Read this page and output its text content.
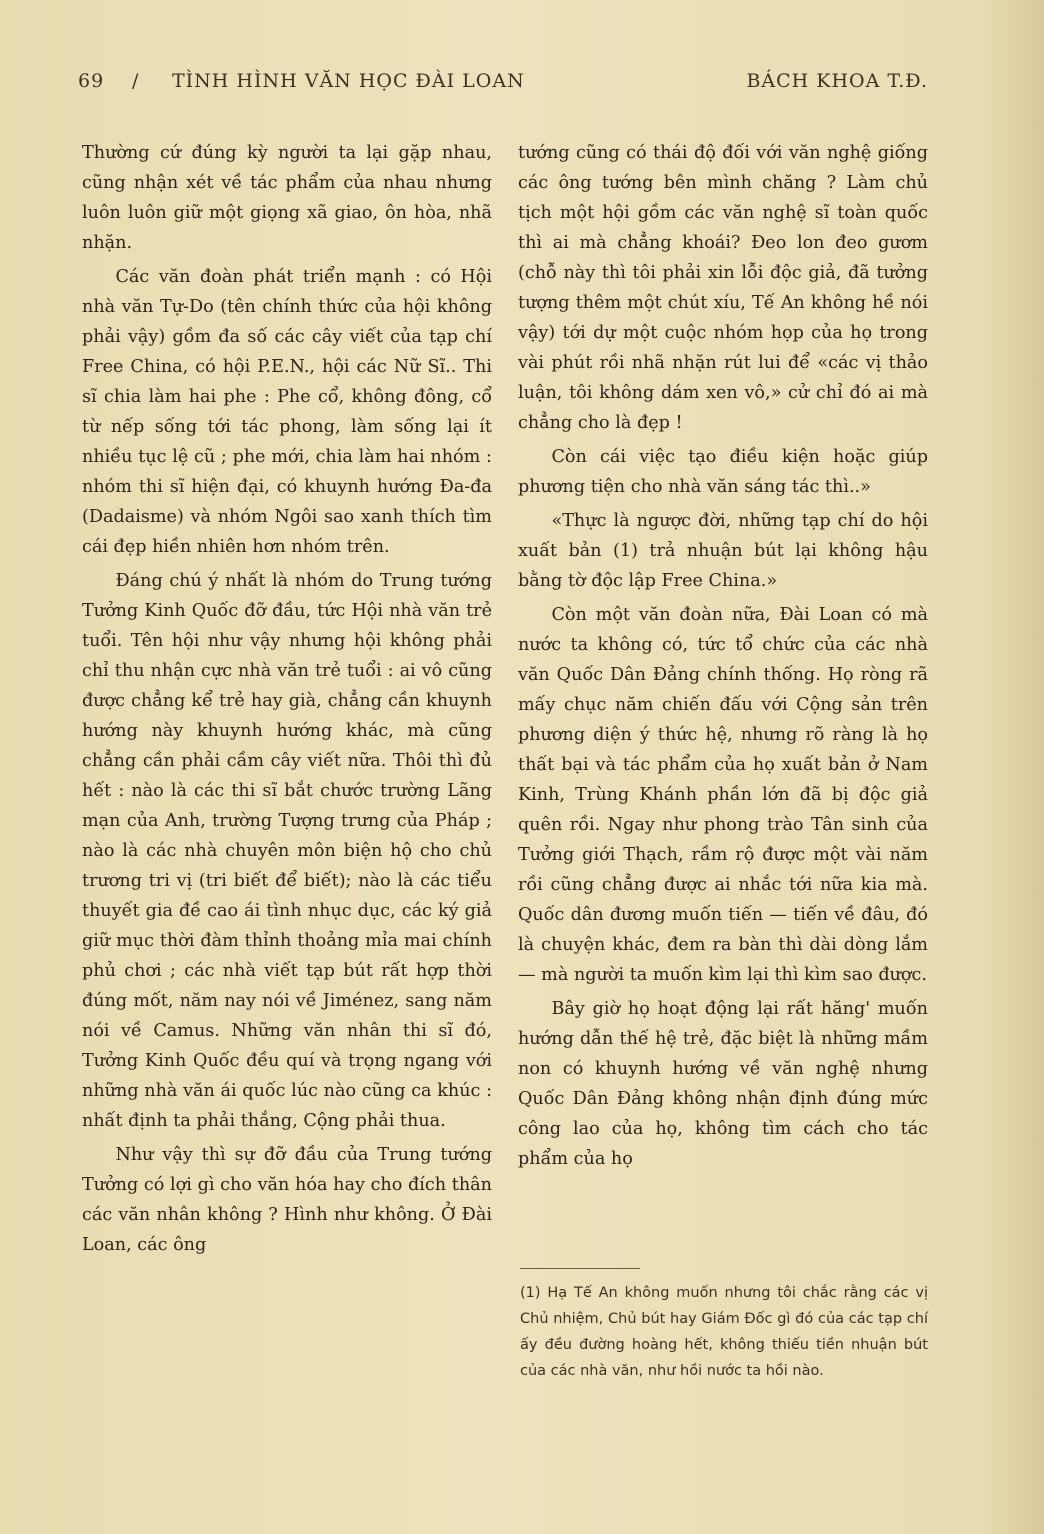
69 / TÌNH HÌNH VĂN HỌC ĐÀI LOAN	BÁCH KHOA T.Đ.

Thường cứ đúng kỳ người ta lại gặp nhau, cũng nhận xét về tác phẩm của nhau nhưng luôn luôn giữ một giọng xã giao, ôn hòa, nhã nhặn.

Các văn đoàn phát triển mạnh : có Hội nhà văn Tự-Do (tên chính thức của hội không phải vậy) gồm đa số các cây viết của tạp chí Free China, có hội P.E.N., hội các Nữ Sĩ.. Thi sĩ chia làm hai phe : Phe cổ, không đông, cổ từ nếp sống tới tác phong, làm sống lại ít nhiều tục lệ cũ ; phe mới, chia làm hai nhóm : nhóm thi sĩ hiện đại, có khuynh hướng Đa-đa (Dadaisme) và nhóm Ngôi sao xanh thích tìm cái đẹp hiền nhiên hơn nhóm trên.

Đáng chú ý nhất là nhóm do Trung tướng Tưởng Kinh Quốc đỡ đầu, tức Hội nhà văn trẻ tuổi. Tên hội như vậy nhưng hội không phải chỉ thu nhận cực nhà văn trẻ tuổi : ai vô cũng được chẳng kể trẻ hay già, chẳng cần khuynh hướng này khuynh hướng khác, mà cũng chẳng cần phải cầm cây viết nữa. Thôi thì đủ hết : nào là các thi sĩ bắt chước trường Lãng mạn của Anh, trường Tượng trưng của Pháp ; nào là các nhà chuyên môn biện hộ cho chủ trương tri vị (tri biết để biết); nào là các tiểu thuyết gia đề cao ái tình nhục dục, các ký giả giữ mục thời đàm thỉnh thoảng mỉa mai chính phủ chơi ; các nhà viết tạp bút rất hợp thời đúng mốt, năm nay nói về Jiménez, sang năm nói về Camus. Những văn nhân thi sĩ đó, Tưởng Kinh Quốc đều quí và trọng ngang với những nhà văn ái quốc lúc nào cũng ca khúc : nhất định ta phải thắng, Cộng phải thua.

Như vậy thì sự đỡ đầu của Trung tướng Tưởng có lợi gì cho văn hóa hay cho đích thân các văn nhân không ? Hình như không. Ở Đài Loan, các ông

tướng cũng có thái độ đối với văn nghệ giống các ông tướng bên mình chăng ? Làm chủ tịch một hội gồm các văn nghệ sĩ toàn quốc thì ai mà chẳng khoái? Đeo lon đeo gươm (chỗ này thì tôi phải xin lỗi độc giả, đã tưởng tượng thêm một chút xíu, Tế An không hề nói vậy) tới dự một cuộc nhóm họp của họ trong vài phút rồi nhã nhặn rút lui để «các vị thảo luận, tôi không dám xen vô,» cử chỉ đó ai mà chẳng cho là đẹp !

Còn cái việc tạo điều kiện hoặc giúp phương tiện cho nhà văn sáng tác thì..»

«Thực là ngược đời, những tạp chí do hội xuất bản (1) trả nhuận bút lại không hậu bằng tờ độc lập Free China.»

Còn một văn đoàn nữa, Đài Loan có mà nước ta không có, tức tổ chức của các nhà văn Quốc Dân Đảng chính thống. Họ ròng rã mấy chục năm chiến đấu với Cộng sản trên phương diện ý thức hệ, nhưng rõ ràng là họ thất bại và tác phẩm của họ xuất bản ở Nam Kinh, Trùng Khánh phần lớn đã bị độc giả quên rồi. Ngay như phong trào Tân sinh của Tưởng giới Thạch, rầm rộ được một vài năm rồi cũng chẳng được ai nhắc tới nữa kia mà. Quốc dân đương muốn tiến — tiến về đâu, đó là chuyện khác, đem ra bàn thì dài dòng lắm — mà người ta muốn kìm lại thì kìm sao được.

Bây giờ họ hoạt động lại rất hăng' muốn hướng dẫn thế hệ trẻ, đặc biệt là những mầm non có khuynh hướng về văn nghệ nhưng Quốc Dân Đảng không nhận định đúng mức công lao của họ, không tìm cách cho tác phẩm của họ

(1) Hạ Tế An không muốn nhưng tôi chắc rằng các vị Chủ nhiệm, Chủ bút hay Giám Đốc gì đó của các tạp chí ấy đều đường hoàng hết, không thiếu tiền nhuận bút của các nhà văn, như hồi nước ta hồi nào.
